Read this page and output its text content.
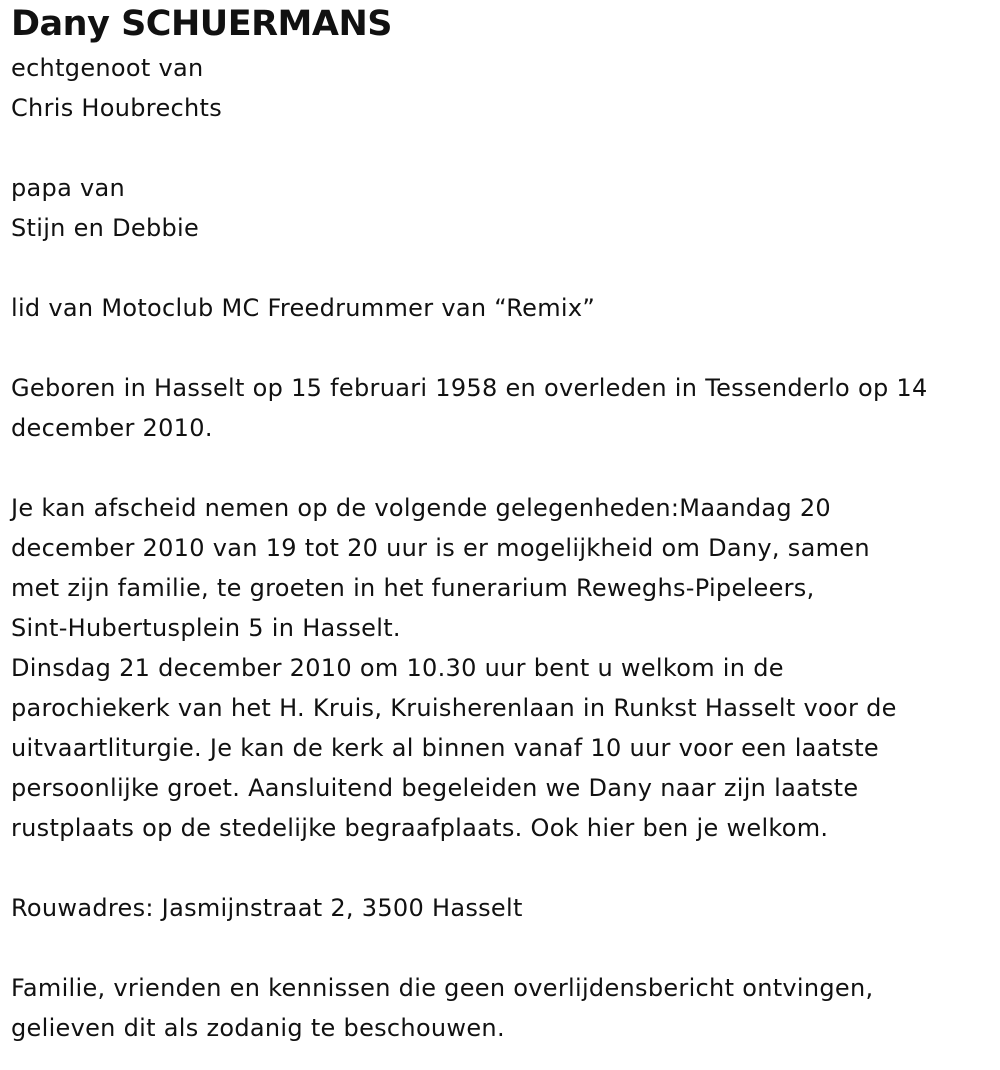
Dany SCHUERMANS
echtgenoot van
Chris Houbrechts
papa van
Stijn en Debbie
lid van Motoclub MC Freedrummer van “Remix”
Geboren in Hasselt op 15 februari 1958 en overleden in Tessenderlo op 14
december 2010.
Je kan afscheid nemen op de volgende gelegenheden:Maandag 20
december 2010 van 19 tot 20 uur is er mogelijkheid om Dany, samen
met zijn familie, te groeten in het funerarium Reweghs-Pipeleers,
Sint-Hubertusplein 5 in Hasselt.
Dinsdag 21 december 2010 om 10.30 uur bent u welkom in de
parochiekerk van het H. Kruis, Kruisherenlaan in Runkst Hasselt voor de
uitvaartliturgie. Je kan de kerk al binnen vanaf 10 uur voor een laatste
persoonlijke groet. Aansluitend begeleiden we Dany naar zijn laatste
rustplaats op de stedelijke begraafplaats. Ook hier ben je welkom.
Rouwadres: Jasmijnstraat 2, 3500 Hasselt
Familie, vrienden en kennissen die geen overlijdensbericht ontvingen,
gelieven dit als zodanig te beschouwen.
